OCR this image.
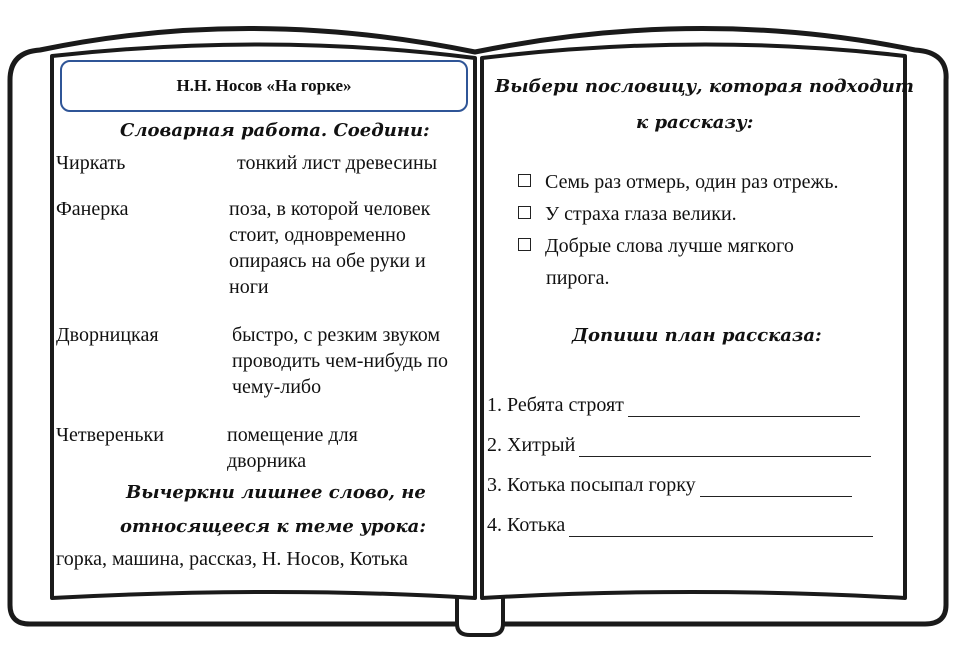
Н.Н. Носов «На горке»
Словарная работа. Соедини:
Чиркать	тонкий лист древесины
Фанерка	поза, в которой человек стоит, одновременно опираясь на обе руки и ноги
Дворницкая	быстро, с резким звуком проводить чем-нибудь по чему-либо
Четвереньки	помещение для дворника
Вычеркни лишнее слово, не
относящееся к теме урока:
горка, машина, рассказ, Н. Носов, Котька
Выбери пословицу, которая подходит
к рассказу:
Семь раз отмерь, один раз отрежь.
У страха глаза велики.
Добрые слова лучше мягкого
пирога.
Допиши план рассказа:
1. Ребята строят
2. Хитрый
3. Котька посыпал горку
4. Котька
